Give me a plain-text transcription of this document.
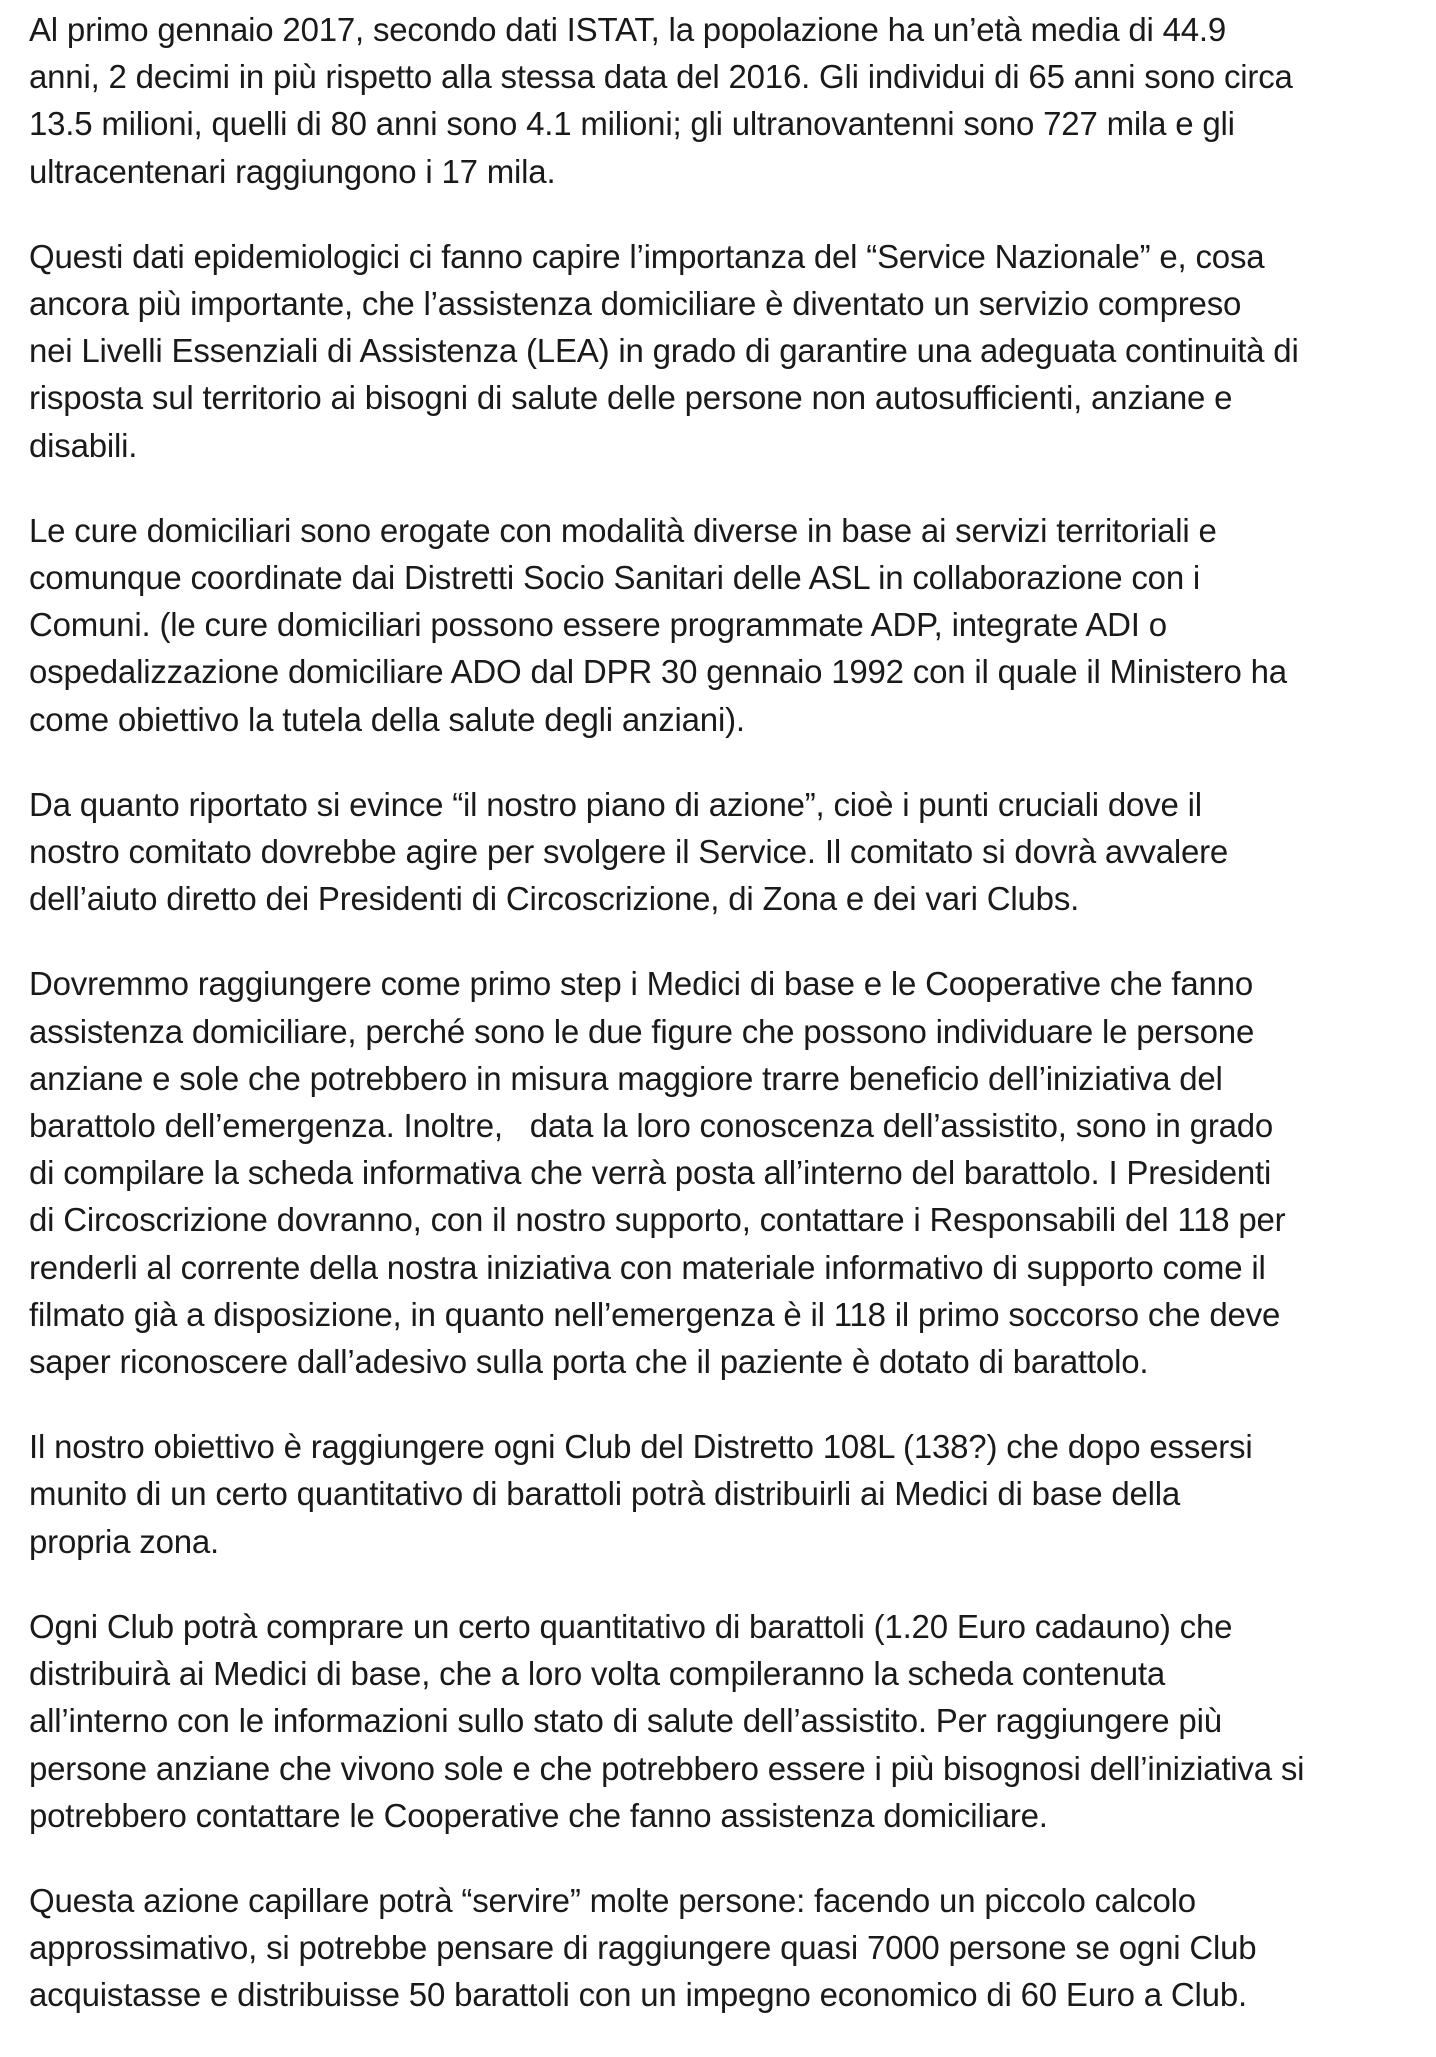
Al primo gennaio 2017, secondo dati ISTAT, la popolazione ha un’età media di 44.9
anni, 2 decimi in più rispetto alla stessa data del 2016. Gli individui di 65 anni sono circa
13.5 milioni, quelli di 80 anni sono 4.1 milioni; gli ultranovantenni sono 727 mila e gli
ultracentenari raggiungono i 17 mila.

Questi dati epidemiologici ci fanno capire l’importanza del “Service Nazionale” e, cosa
ancora più importante, che l’assistenza domiciliare è diventato un servizio compreso
nei Livelli Essenziali di Assistenza (LEA) in grado di garantire una adeguata continuità di
risposta sul territorio ai bisogni di salute delle persone non autosufficienti, anziane e
disabili.

Le cure domiciliari sono erogate con modalità diverse in base ai servizi territoriali e
comunque coordinate dai Distretti Socio Sanitari delle ASL in collaborazione con i
Comuni. (le cure domiciliari possono essere programmate ADP, integrate ADI o
ospedalizzazione domiciliare ADO dal DPR 30 gennaio 1992 con il quale il Ministero ha
come obiettivo la tutela della salute degli anziani).

Da quanto riportato si evince “il nostro piano di azione”, cioè i punti cruciali dove il
nostro comitato dovrebbe agire per svolgere il Service. Il comitato si dovrà avvalere
dell’aiuto diretto dei Presidenti di Circoscrizione, di Zona e dei vari Clubs.

Dovremmo raggiungere come primo step i Medici di base e le Cooperative che fanno
assistenza domiciliare, perché sono le due figure che possono individuare le persone
anziane e sole che potrebbero in misura maggiore trarre beneficio dell’iniziativa del
barattolo dell’emergenza. Inoltre,   data la loro conoscenza dell’assistito, sono in grado
di compilare la scheda informativa che verrà posta all’interno del barattolo. I Presidenti
di Circoscrizione dovranno, con il nostro supporto, contattare i Responsabili del 118 per
renderli al corrente della nostra iniziativa con materiale informativo di supporto come il
filmato già a disposizione, in quanto nell’emergenza è il 118 il primo soccorso che deve
saper riconoscere dall’adesivo sulla porta che il paziente è dotato di barattolo.

Il nostro obiettivo è raggiungere ogni Club del Distretto 108L (138?) che dopo essersi
munito di un certo quantitativo di barattoli potrà distribuirli ai Medici di base della
propria zona.

Ogni Club potrà comprare un certo quantitativo di barattoli (1.20 Euro cadauno) che
distribuirà ai Medici di base, che a loro volta compileranno la scheda contenuta
all’interno con le informazioni sullo stato di salute dell’assistito. Per raggiungere più
persone anziane che vivono sole e che potrebbero essere i più bisognosi dell’iniziativa si
potrebbero contattare le Cooperative che fanno assistenza domiciliare.

Questa azione capillare potrà “servire” molte persone: facendo un piccolo calcolo
approssimativo, si potrebbe pensare di raggiungere quasi 7000 persone se ogni Club
acquistasse e distribuisse 50 barattoli con un impegno economico di 60 Euro a Club.
